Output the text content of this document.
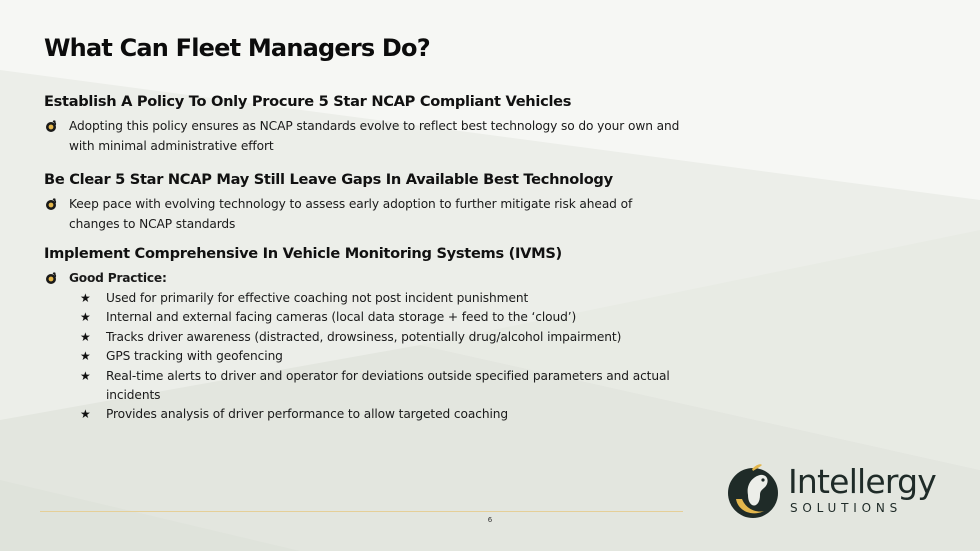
What Can Fleet Managers Do?
Establish A Policy To Only Procure 5 Star NCAP Compliant Vehicles
Adopting this policy ensures as NCAP standards evolve to reflect best technology so do your own and with minimal administrative effort
Be Clear 5 Star NCAP May Still Leave Gaps In Available Best Technology
Keep pace with evolving technology to assess early adoption to further mitigate risk ahead of changes to NCAP standards
Implement Comprehensive In Vehicle Monitoring Systems (IVMS)
Good Practice:
★	Used for primarily for effective coaching not post incident punishment
★	Internal and external facing cameras (local data storage + feed to the ‘cloud’)
★	Tracks driver awareness (distracted, drowsiness, potentially drug/alcohol impairment)
★	GPS tracking with geofencing
★	Real-time alerts to driver and operator for deviations outside specified parameters and actual incidents
★	Provides analysis of driver performance to allow targeted coaching
6
Intellergy
SOLUTIONS
